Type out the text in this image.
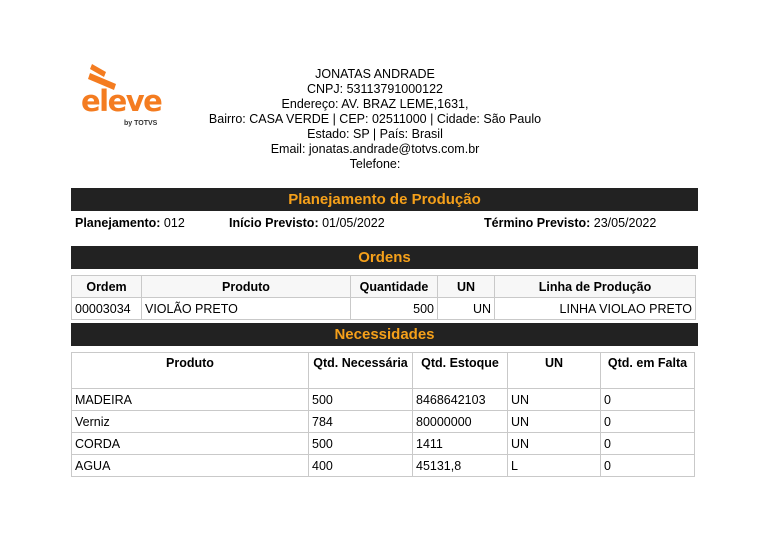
eleve
by TOTVS
JONATAS ANDRADE
CNPJ: 53113791000122
Endereço: AV. BRAZ LEME,1631,
Bairro: CASA VERDE | CEP: 02511000 | Cidade: São Paulo
Estado: SP | País: Brasil
Email: jonatas.andrade@totvs.com.br
Telefone:
Planejamento de Produção
Planejamento: 012	Início Previsto: 01/05/2022	Término Previsto: 23/05/2022
Ordens
Ordem	Produto	Quantidade	UN	Linha de Produção
00003034	VIOLÃO PRETO	500	UN	LINHA VIOLAO PRETO
Necessidades
Produto	Qtd. Necessária	Qtd. Estoque	UN	Qtd. em Falta
MADEIRA	500	8468642103	UN	0
Verniz	784	80000000	UN	0
CORDA	500	1411	UN	0
AGUA	400	45131,8	L	0
